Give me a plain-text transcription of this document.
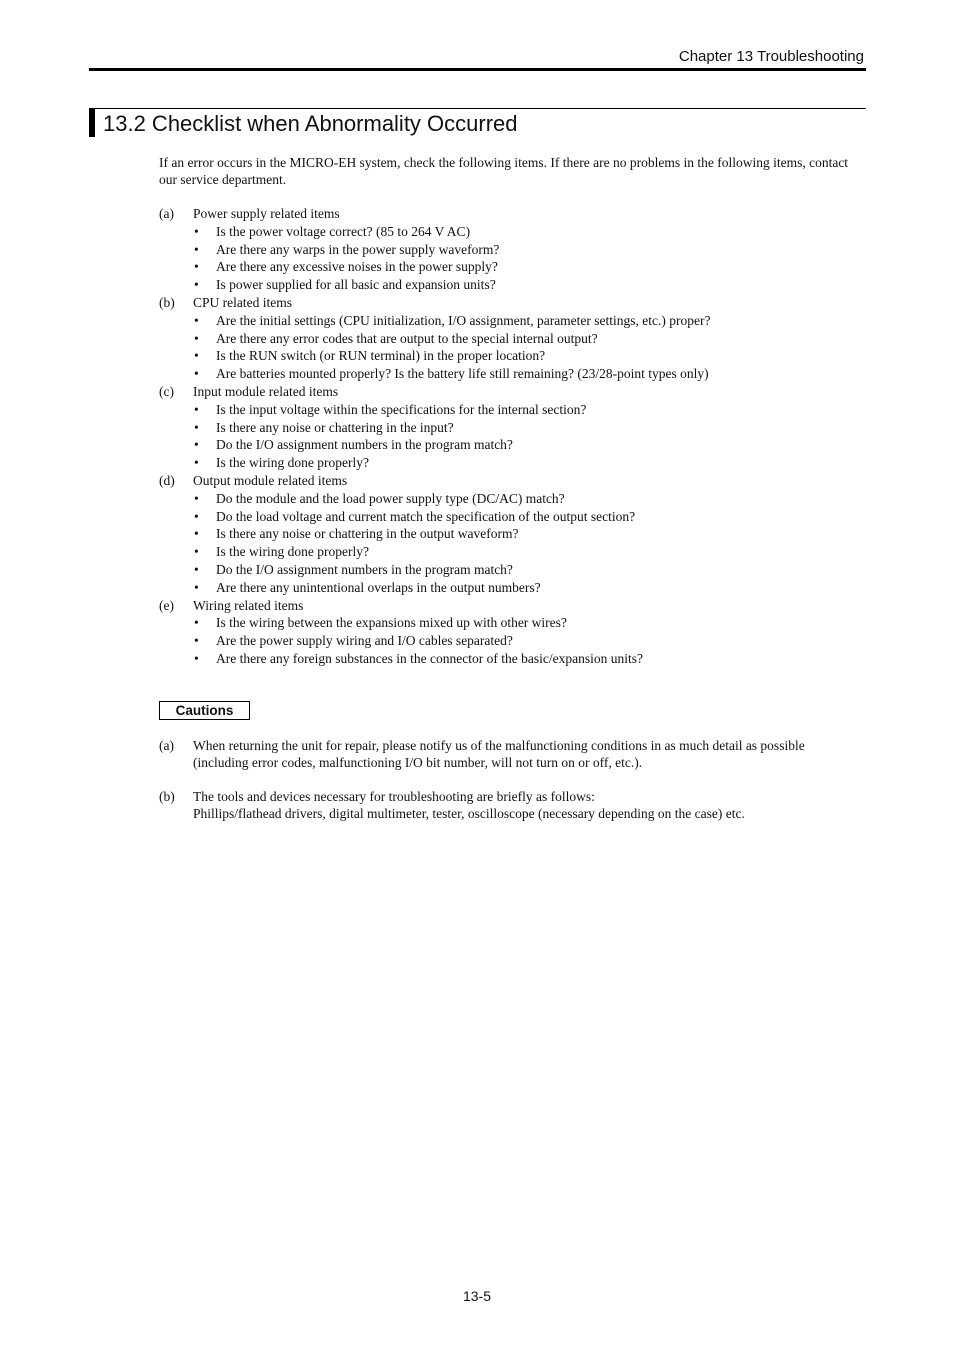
Chapter 13 Troubleshooting
13.2 Checklist when Abnormality Occurred

If an error occurs in the MICRO-EH system, check the following items. If there are no problems in the following items, contact our service department.

(a)	Power supply related items
• Is the power voltage correct? (85 to 264 V AC)
• Are there any warps in the power supply waveform?
• Are there any excessive noises in the power supply?
• Is power supplied for all basic and expansion units?
(b)	CPU related items
• Are the initial settings (CPU initialization, I/O assignment, parameter settings, etc.) proper?
• Are there any error codes that are output to the special internal output?
• Is the RUN switch (or RUN terminal) in the proper location?
• Are batteries mounted properly? Is the battery life still remaining? (23/28-point types only)
(c)	Input module related items
• Is the input voltage within the specifications for the internal section?
• Is there any noise or chattering in the input?
• Do the I/O assignment numbers in the program match?
• Is the wiring done properly?
(d)	Output module related items
• Do the module and the load power supply type (DC/AC) match?
• Do the load voltage and current match the specification of the output section?
• Is there any noise or chattering in the output waveform?
• Is the wiring done properly?
• Do the I/O assignment numbers in the program match?
• Are there any unintentional overlaps in the output numbers?
(e)	Wiring related items
• Is the wiring between the expansions mixed up with other wires?
• Are the power supply wiring and I/O cables separated?
• Are there any foreign substances in the connector of the basic/expansion units?
Cautions
(a)	When returning the unit for repair, please notify us of the malfunctioning conditions in as much detail as possible (including error codes, malfunctioning I/O bit number, will not turn on or off, etc.).
(b)	The tools and devices necessary for troubleshooting are briefly as follows:
Phillips/flathead drivers, digital multimeter, tester, oscilloscope (necessary depending on the case) etc.
13-5
